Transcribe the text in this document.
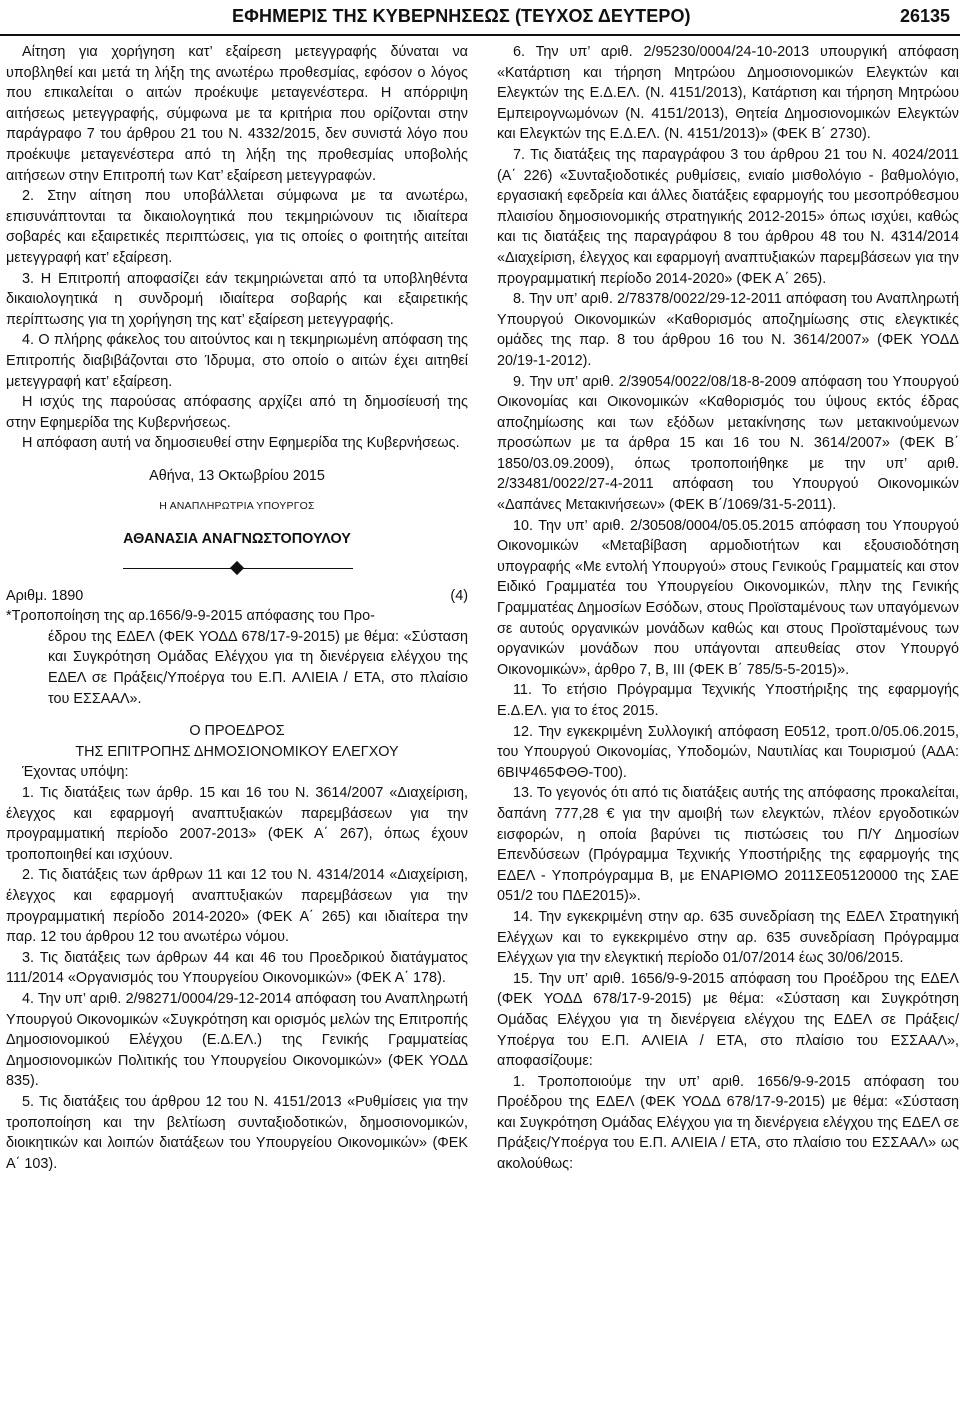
ΕΦΗΜΕΡΙΣ ΤΗΣ ΚΥΒΕΡΝΗΣΕΩΣ (ΤΕΥΧΟΣ ΔΕΥΤΕΡΟ)	26135

Αίτηση για χορήγηση κατ’ εξαίρεση μετεγγραφής δύναται να υποβληθεί και μετά τη λήξη της ανωτέρω προθεσμίας, εφόσον ο λόγος που επικαλείται ο αιτών προέκυψε μεταγενέστερα. Η απόρριψη αιτήσεως μετεγγραφής, σύμφωνα με τα κριτήρια που ορίζονται στην παράγραφο 7 του άρθρου 21 του Ν. 4332/2015, δεν συνιστά λόγο που προέκυψε μεταγενέστερα από τη λήξη της προθεσμίας υποβολής αιτήσεων στην Επιτροπή των Κατ’ εξαίρεση μετεγγραφών.

2. Στην αίτηση που υποβάλλεται σύμφωνα με τα ανωτέρω, επισυνάπτονται τα δικαιολογητικά που τεκμηριώνουν τις ιδιαίτερα σοβαρές και εξαιρετικές περιπτώσεις, για τις οποίες ο φοιτητής αιτείται μετεγγραφή κατ’ εξαίρεση.

3. Η Επιτροπή αποφασίζει εάν τεκμηριώνεται από τα υποβληθέντα δικαιολογητικά η συνδρομή ιδιαίτερα σοβαρής και εξαιρετικής περίπτωσης για τη χορήγηση της κατ’ εξαίρεση μετεγγραφής.

4. Ο πλήρης φάκελος του αιτούντος και η τεκμηριωμένη απόφαση της Επιτροπής διαβιβάζονται στο Ίδρυμα, στο οποίο ο αιτών έχει αιτηθεί μετεγγραφή κατ’ εξαίρεση.

Η ισχύς της παρούσας απόφασης αρχίζει από τη δημοσίευσή της στην Εφημερίδα της Κυβερνήσεως.

Η απόφαση αυτή να δημοσιευθεί στην Εφημερίδα της Κυβερνήσεως.

Αθήνα, 13 Οκτωβρίου 2015
Η ΑΝΑΠΛΗΡΩΤΡΙΑ ΥΠΟΥΡΓΟΣ
ΑΘΑΝΑΣΙΑ ΑΝΑΓΝΩΣΤΟΠΟΥΛΟΥ
Αριθμ. 1890	(4)

*Τροποποίηση της αρ.1656/9-9-2015 απόφασης του Προ-

έδρου της ΕΔΕΛ (ΦΕΚ ΥΟΔΔ 678/17-9-2015) με θέμα: «Σύσταση και Συγκρότηση Ομάδας Ελέγχου για τη διενέργεια ελέγχου της ΕΔΕΛ σε Πράξεις/Υποέργα του Ε.Π. ΑΛΙΕΙΑ / ΕΤΑ, στο πλαίσιο του ΕΣΣΑΑΛ».

Ο ΠΡΟΕΔΡΟΣ
ΤΗΣ ΕΠΙΤΡΟΠΗΣ ΔΗΜΟΣΙΟΝΟΜΙΚΟΥ ΕΛΕΓΧΟΥ

Έχοντας υπόψη:

1. Τις διατάξεις των άρθρ. 15 και 16 του Ν. 3614/2007 «Διαχείριση, έλεγχος και εφαρμογή αναπτυξιακών παρεμβάσεων για την προγραμματική περίοδο 2007-2013» (ΦΕΚ Α΄ 267), όπως έχουν τροποποιηθεί και ισχύουν.

2. Τις διατάξεις των άρθρων 11 και 12 του Ν. 4314/2014 «Διαχείριση, έλεγχος και εφαρμογή αναπτυξιακών παρεμβάσεων για την προγραμματική περίοδο 2014-2020» (ΦΕΚ Α΄ 265) και ιδιαίτερα την παρ. 12 του άρθρου 12 του ανωτέρω νόμου.

3. Τις διατάξεις των άρθρων 44 και 46 του Προεδρικού διατάγματος 111/2014 «Οργανισμός του Υπουργείου Οικονομικών» (ΦΕΚ Α΄ 178).

4. Την υπ’ αριθ. 2/98271/0004/29-12-2014 απόφαση του Αναπληρωτή Υπουργού Οικονομικών «Συγκρότηση και ορισμός μελών της Επιτροπής Δημοσιονομικού Ελέγχου (Ε.Δ.ΕΛ.) της Γενικής Γραμματείας Δημοσιονομικών Πολιτικής του Υπουργείου Οικονομικών» (ΦΕΚ ΥΟΔΔ 835).

5. Τις διατάξεις του άρθρου 12 του Ν. 4151/2013 «Ρυθμίσεις για την τροποποίηση και την βελτίωση συνταξιοδοτικών, δημοσιονομικών, διοικητικών και λοιπών διατάξεων του Υπουργείου Οικονομικών» (ΦΕΚ Α΄ 103).

6. Την υπ’ αριθ. 2/95230/0004/24-10-2013 υπουργική απόφαση «Κατάρτιση και τήρηση Μητρώου Δημοσιονομικών Ελεγκτών και Ελεγκτών της Ε.Δ.ΕΛ. (Ν. 4151/2013), Κατάρτιση και τήρηση Μητρώου Εμπειρογνωμόνων (Ν. 4151/2013), Θητεία Δημοσιονομικών Ελεγκτών και Ελεγκτών της Ε.Δ.ΕΛ. (Ν. 4151/2013)» (ΦΕΚ Β΄ 2730).

7. Τις διατάξεις της παραγράφου 3 του άρθρου 21 του Ν. 4024/2011 (Α΄ 226) «Συνταξιοδοτικές ρυθμίσεις, ενιαίο μισθολόγιο - βαθμολόγιο, εργασιακή εφεδρεία και άλλες διατάξεις εφαρμογής του μεσοπρόθεσμου πλαισίου δημοσιονομικής στρατηγικής 2012-2015» όπως ισχύει, καθώς και τις διατάξεις της παραγράφου 8 του άρθρου 48 του Ν. 4314/2014 «Διαχείριση, έλεγχος και εφαρμογή αναπτυξιακών παρεμβάσεων για την προγραμματική περίοδο 2014-2020» (ΦΕΚ Α΄ 265).

8. Την υπ’ αριθ. 2/78378/0022/29-12-2011 απόφαση του Αναπληρωτή Υπουργού Οικονομικών «Καθορισμός αποζημίωσης στις ελεγκτικές ομάδες της παρ. 8 του άρθρου 16 του Ν. 3614/2007» (ΦΕΚ ΥΟΔΔ 20/19-1-2012).

9. Την υπ’ αριθ. 2/39054/0022/08/18-8-2009 απόφαση του Υπουργού Οικονομίας και Οικονομικών «Καθορισμός του ύψους εκτός έδρας αποζημίωσης και των εξόδων μετακίνησης των μετακινούμενων προσώπων με τα άρθρα 15 και 16 του Ν. 3614/2007» (ΦΕΚ Β΄ 1850/03.09.2009), όπως τροποποιήθηκε με την υπ’ αριθ. 2/33481/0022/27-4-2011 απόφαση του Υπουργού Οικονομικών «Δαπάνες Μετακινήσεων» (ΦΕΚ Β΄/1069/31-5-2011).

10. Την υπ’ αριθ. 2/30508/0004/05.05.2015 απόφαση του Υπουργού Οικονομικών «Μεταβίβαση αρμοδιοτήτων και εξουσιοδότηση υπογραφής «Με εντολή Υπουργού» στους Γενικούς Γραμματείς και στον Ειδικό Γραμματέα του Υπουργείου Οικονομικών, πλην της Γενικής Γραμματέας Δημοσίων Εσόδων, στους Προϊσταμένους των υπαγόμενων σε αυτούς οργανικών μονάδων καθώς και στους Προϊσταμένους των οργανικών μονάδων που υπάγονται απευθείας στον Υπουργό Οικονομικών», άρθρο 7, Β, ΙΙΙ (ΦΕΚ Β΄ 785/5-5-2015)».

11. Το ετήσιο Πρόγραμμα Τεχνικής Υποστήριξης της εφαρμογής Ε.Δ.ΕΛ. για το έτος 2015.

12. Την εγκεκριμένη Συλλογική απόφαση Ε0512, τροπ.0/05.06.2015, του Υπουργού Οικονομίας, Υποδομών, Ναυτιλίας και Τουρισμού (ΑΔΑ: 6ΒΙΨ465ΦΘΘ-Τ00).

13. Το γεγονός ότι από τις διατάξεις αυτής της απόφασης προκαλείται, δαπάνη 777,28 € για την αμοιβή των ελεγκτών, πλέον εργοδοτικών εισφορών, η οποία βαρύνει τις πιστώσεις του Π/Υ Δημοσίων Επενδύσεων (Πρόγραμμα Τεχνικής Υποστήριξης της εφαρμογής της ΕΔΕΛ - Υποπρόγραμμα Β, με ΕΝΑΡΙΘΜΟ 2011ΣΕ05120000 της ΣΑΕ 051/2 του ΠΔΕ2015)».

14. Την εγκεκριμένη στην αρ. 635 συνεδρίαση της ΕΔΕΛ Στρατηγική Ελέγχων και το εγκεκριμένο στην αρ. 635 συνεδρίαση Πρόγραμμα Ελέγχων για την ελεγκτική περίοδο 01/07/2014 έως 30/06/2015.

15. Την υπ’ αριθ. 1656/9-9-2015 απόφαση του Προέδρου της ΕΔΕΛ (ΦΕΚ ΥΟΔΔ 678/17-9-2015) με θέμα: «Σύσταση και Συγκρότηση Ομάδας Ελέγχου για τη διενέργεια ελέγχου της ΕΔΕΛ σε Πράξεις/Υποέργα του Ε.Π. ΑΛΙΕΙΑ / ΕΤΑ, στο πλαίσιο του ΕΣΣΑΑΛ», αποφασίζουμε:

1. Τροποποιούμε την υπ’ αριθ. 1656/9-9-2015 απόφαση του Προέδρου της ΕΔΕΛ (ΦΕΚ ΥΟΔΔ 678/17-9-2015) με θέμα: «Σύσταση και Συγκρότηση Ομάδας Ελέγχου για τη διενέργεια ελέγχου της ΕΔΕΛ σε Πράξεις/Υποέργα του Ε.Π. ΑΛΙΕΙΑ / ΕΤΑ, στο πλαίσιο του ΕΣΣΑΑΛ» ως ακολούθως:
